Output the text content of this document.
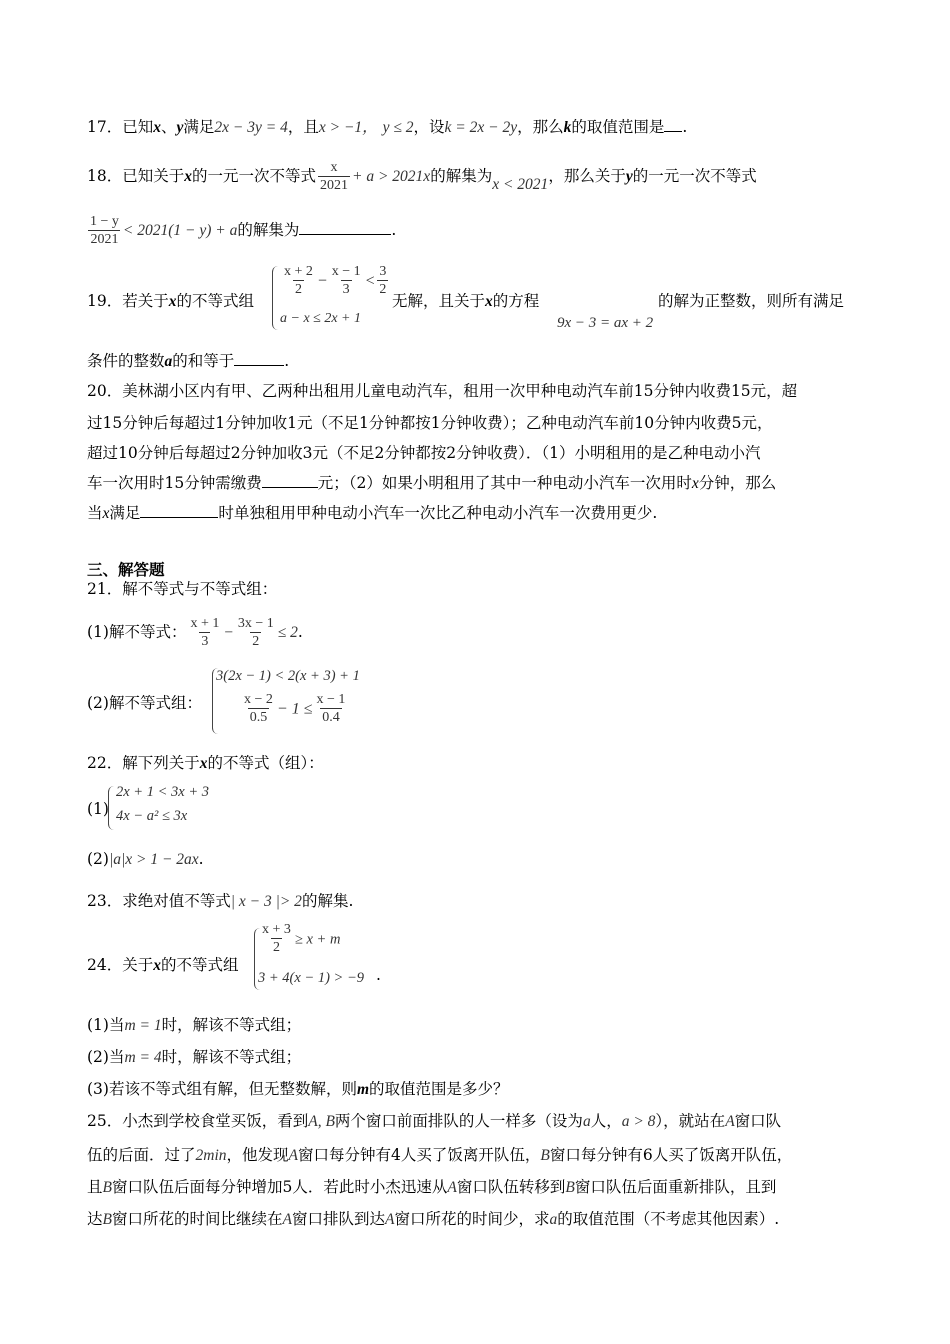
17．已知x、y满足2x − 3y = 4，且x > −1， y ≤ 2，设k = 2x − 2y，那么k的取值范围是 .
18．已知关于x的一元一次不等式 $\frac{x}{2021} + a > 2021x$的解集为x < 2021，那么关于y的一元一次不等式
$\frac{1 - y}{2021} < 2021(1 - y) + a$的解集为	.
19．若关于x的不等式组
$\frac{x + 2}{2} - \frac{x - 1}{3} < \frac{3}{2}$
a − x ≤ 2x + 1
无解，且关于x的方程	的解为正整数，则所有满足
9x − 3 = ax + 2
条件的整数a的和等于	.
20．美林湖小区内有甲、乙两种出租用儿童电动汽车，租用一次甲种电动汽车前15分钟内收费15元，超
过15分钟后每超过1分钟加收1元（不足1分钟都按1分钟收费）；乙种电动汽车前10分钟内收费5元，
超过10分钟后每超过2分钟加收3元（不足2分钟都按2分钟收费）．（1）小明租用的是乙种电动小汽
车一次用时15分钟需缴费	元；（2）如果小明租用了其中一种电动小汽车一次用时x分钟，那么
当x满足	时单独租用甲种电动小汽车一次比乙种电动小汽车一次费用更少.
三、解答题
21．解不等式与不等式组：
(1)解不等式： $\frac{x + 1}{3} - \frac{3x - 1}{2} \le 2$.
(2)解不等式组：
3(2x − 1) < 2(x + 3) + 1
$\frac{x - 2}{0.5} - 1 \le \frac{x - 1}{0.4}$
22．解下列关于x的不等式（组）：
(1)
2x + 1 < 3x + 3
4x − a² ≤ 3x
(2)|a|x > 1 − 2ax.
23．求绝对值不等式| x − 3 |> 2的解集.
24．关于x的不等式组
$\frac{x + 3}{2} \ge x + m$
3 + 4(x − 1) > −9 .
(1)当m = 1时，解该不等式组；
(2)当m = 4时，解该不等式组；
(3)若该不等式组有解，但无整数解，则m的取值范围是多少？
25．小杰到学校食堂买饭，看到A, B两个窗口前面排队的人一样多（设为a人，a > 8），就站在A窗口队
伍的后面．过了2min，他发现A窗口每分钟有4人买了饭离开队伍，B窗口每分钟有6人买了饭离开队伍，
且B窗口队伍后面每分钟增加5人．若此时小杰迅速从A窗口队伍转移到B窗口队伍后面重新排队，且到
达B窗口所花的时间比继续在A窗口排队到达A窗口所花的时间少，求a的取值范围（不考虑其他因素）.
